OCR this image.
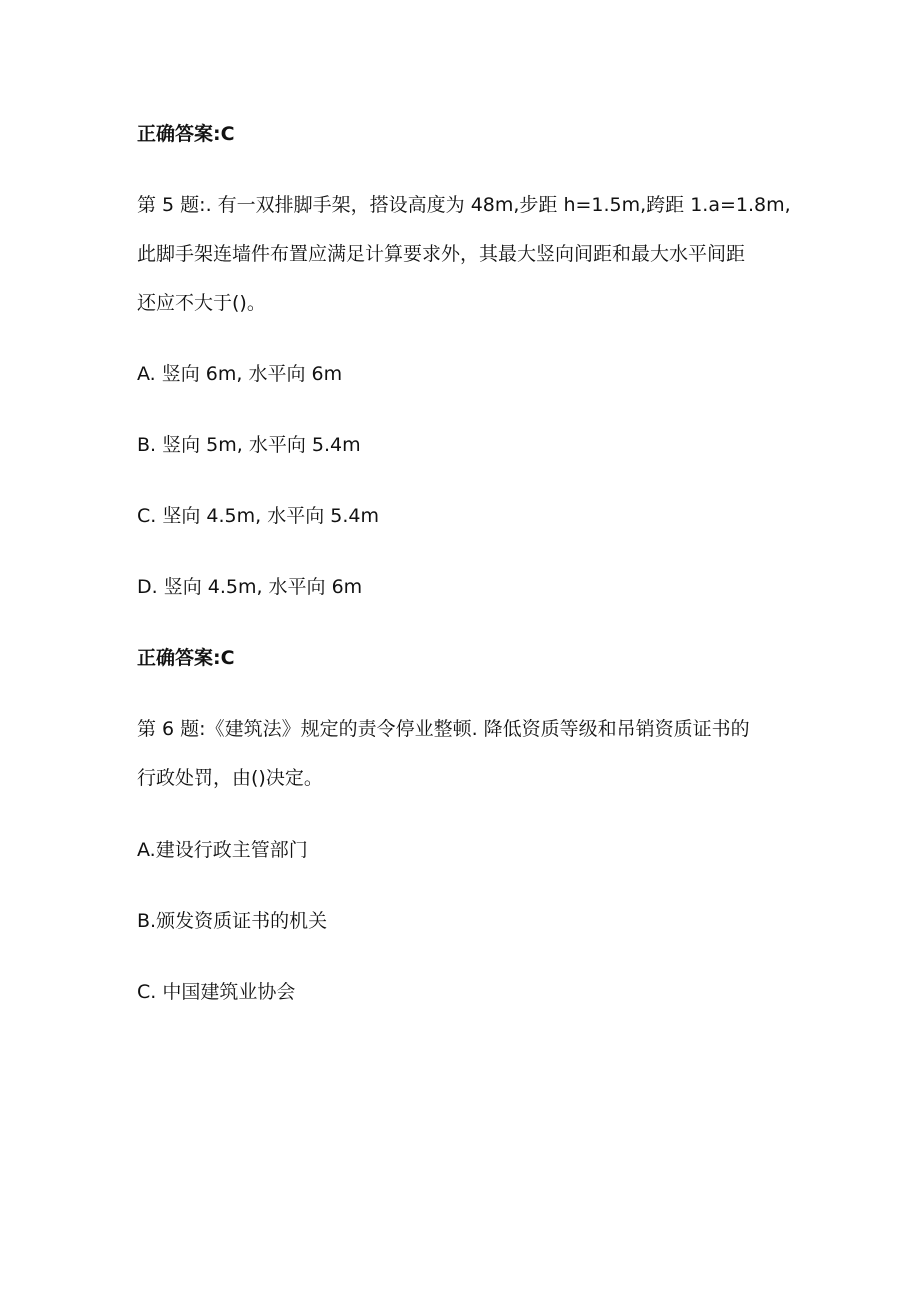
正确答案:C
第 5 题:. 有一双排脚手架，搭设高度为 48m,步距 h=1.5m,跨距 1.a=1.8m,
此脚手架连墙件布置应满足计算要求外，其最大竖向间距和最大水平间距
还应不大于()。
A. 竖向 6m, 水平向 6m
B. 竖向 5m, 水平向 5.4m
C. 坚向 4.5m, 水平向 5.4m
D. 竖向 4.5m, 水平向 6m
正确答案:C
第 6 题:《建筑法》规定的责令停业整顿. 降低资质等级和吊销资质证书的
行政处罚，由()决定。
A.建设行政主管部门
B.颁发资质证书的机关
C. 中国建筑业协会
